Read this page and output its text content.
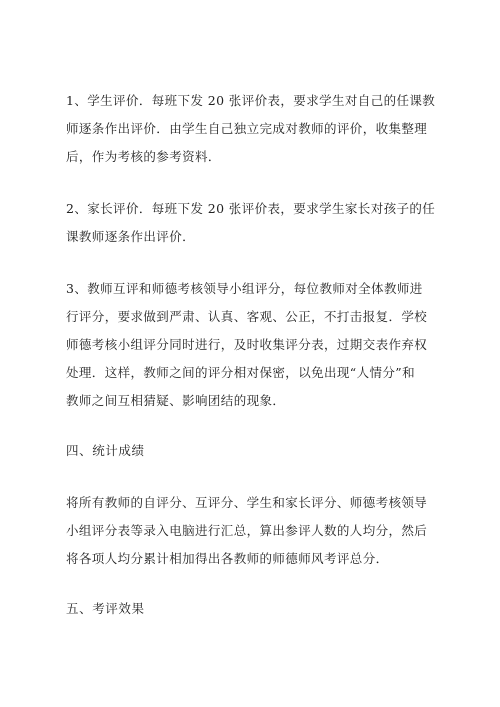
1、学生评价．每班下发 20 张评价表，要求学生对自己的任课教
师逐条作出评价．由学生自己独立完成对教师的评价，收集整理
后，作为考核的参考资料．
2、家长评价．每班下发 20 张评价表，要求学生家长对孩子的任
课教师逐条作出评价．
3、教师互评和师德考核领导小组评分，每位教师对全体教师进
行评分，要求做到严肃、认真、客观、公正，不打击报复．学校
师德考核小组评分同时进行，及时收集评分表，过期交表作弃权
处理．这样，教师之间的评分相对保密，以免出现“人情分”和
教师之间互相猜疑、影响团结的现象．
四、统计成绩
将所有教师的自评分、互评分、学生和家长评分、师德考核领导
小组评分表等录入电脑进行汇总，算出参评人数的人均分，然后
将各项人均分累计相加得出各教师的师德师风考评总分．
五、考评效果
